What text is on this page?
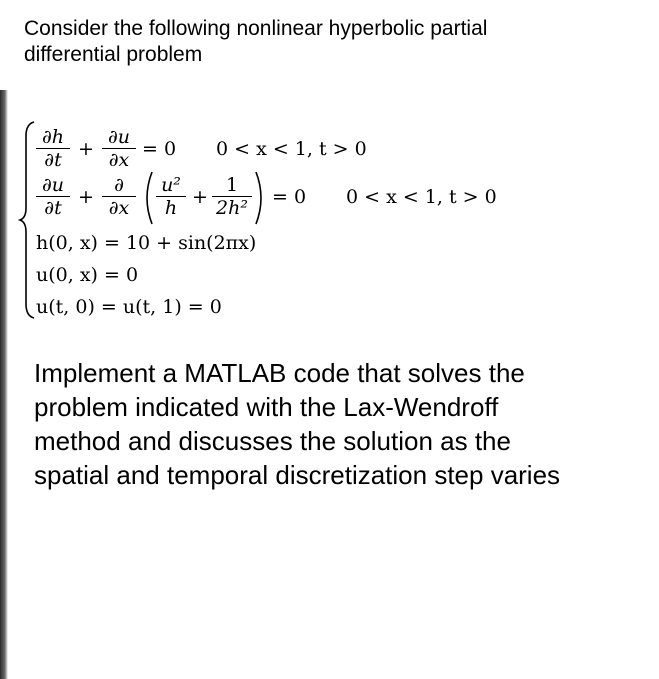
Consider the following nonlinear hyperbolic partial
differential problem
∂h
∂t
+
∂u
∂x
= 0 0 < x < 1, t > 0
∂u
∂t
+
∂
∂x
u²
h
+
1
2h²
= 0 0 < x < 1, t > 0
h(0, x) = 10 + sin(2πx)
u(0, x) = 0
u(t, 0) = u(t, 1) = 0
Implement a MATLAB code that solves the
problem indicated with the Lax-Wendroff
method and discusses the solution as the
spatial and temporal discretization step varies
